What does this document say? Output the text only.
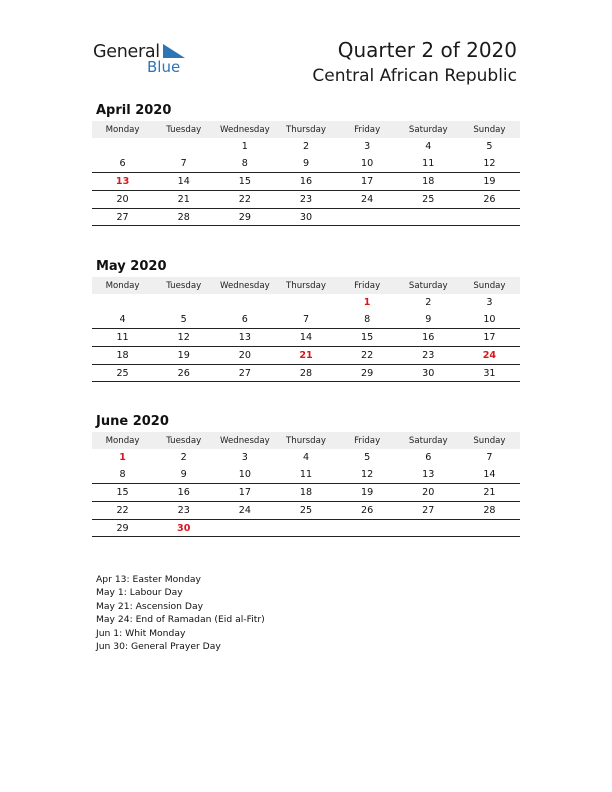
General
Blue
Quarter 2 of 2020
Central African Republic
April 2020
Monday	Tuesday	Wednesday	Thursday	Friday	Saturday	Sunday
		1	2	3	4	5
6	7	8	9	10	11	12
13	14	15	16	17	18	19
20	21	22	23	24	25	26
27	28	29	30			
May 2020
Monday	Tuesday	Wednesday	Thursday	Friday	Saturday	Sunday
				1	2	3
4	5	6	7	8	9	10
11	12	13	14	15	16	17
18	19	20	21	22	23	24
25	26	27	28	29	30	31
June 2020
Monday	Tuesday	Wednesday	Thursday	Friday	Saturday	Sunday
1	2	3	4	5	6	7
8	9	10	11	12	13	14
15	16	17	18	19	20	21
22	23	24	25	26	27	28
29	30					
Apr 13: Easter Monday
May 1: Labour Day
May 21: Ascension Day
May 24: End of Ramadan (Eid al-Fitr)
Jun 1: Whit Monday
Jun 30: General Prayer Day
